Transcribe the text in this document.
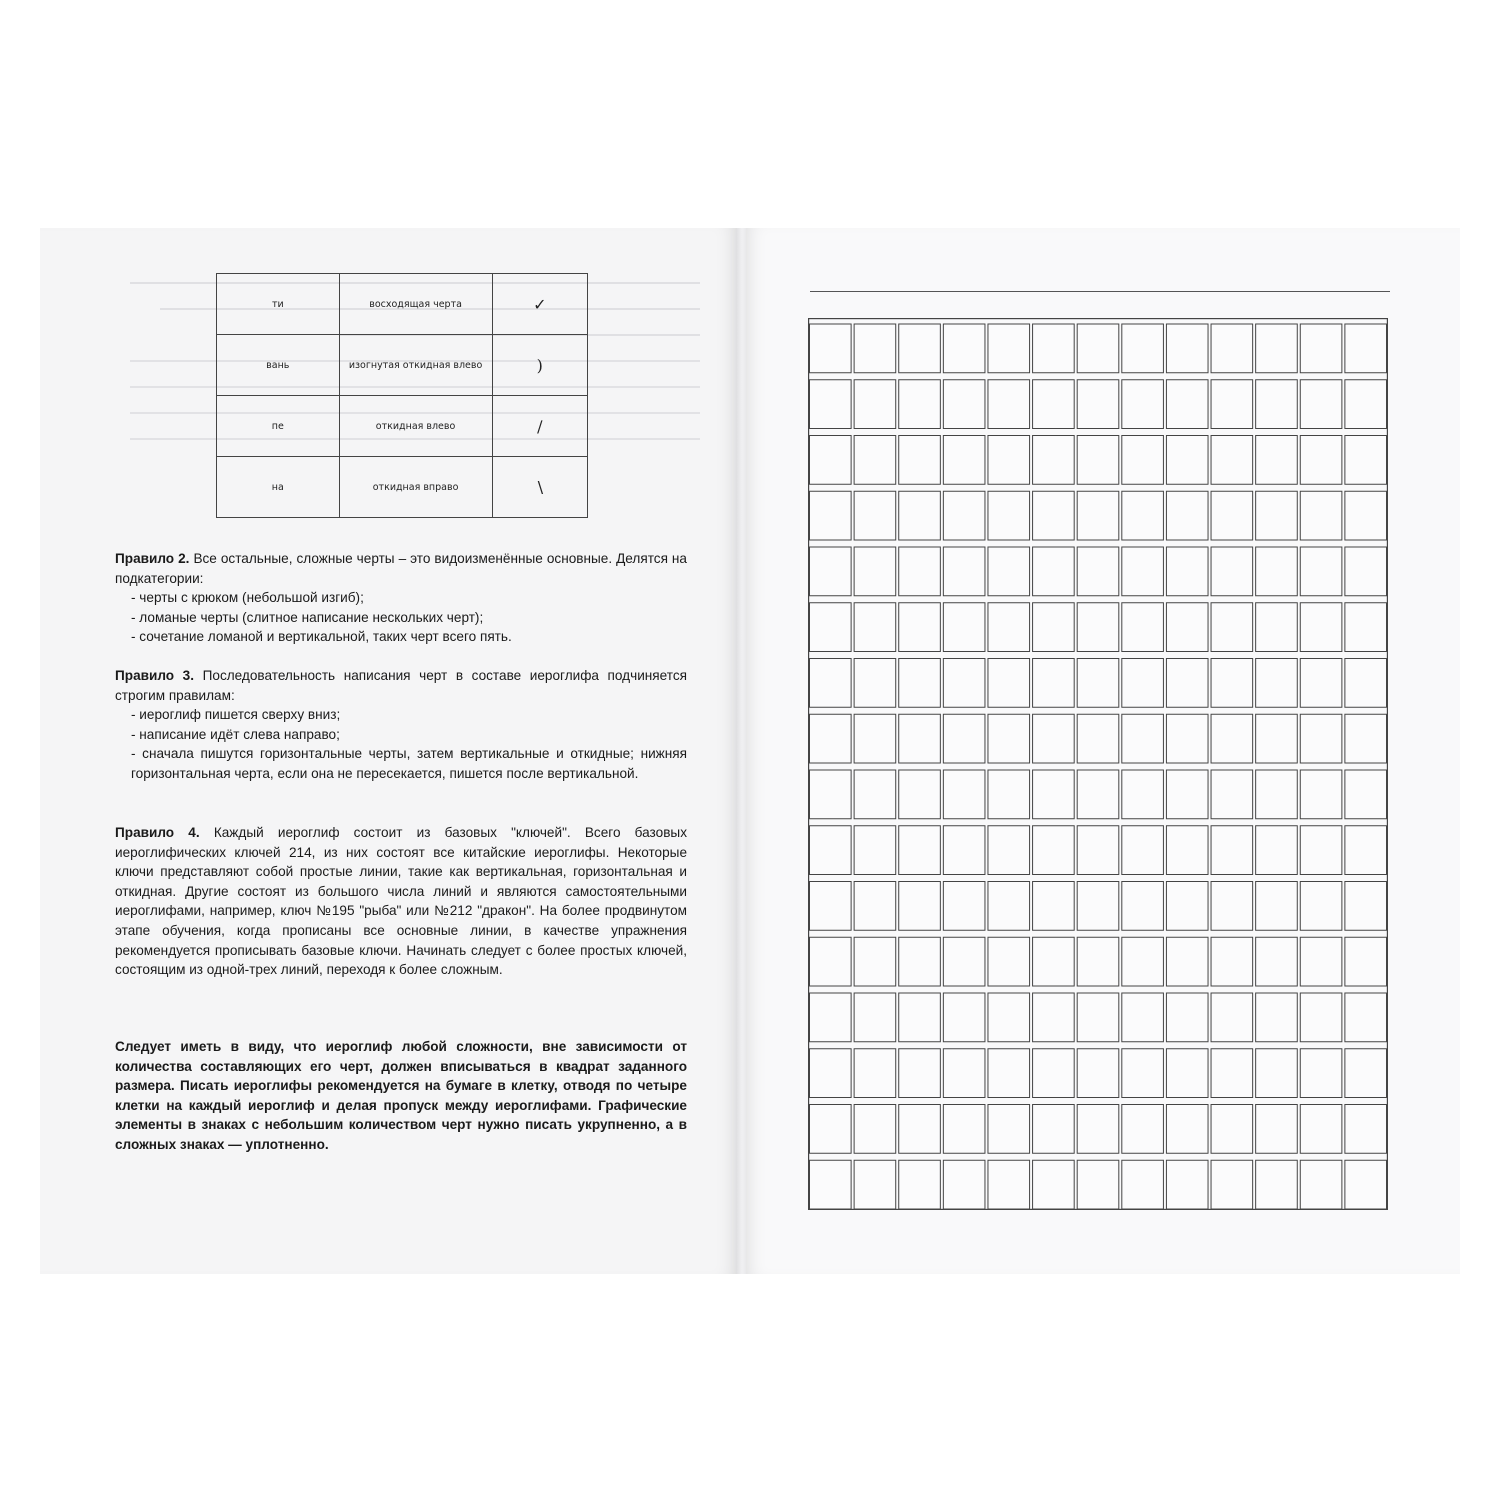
ти	восходящая черта	✓
вань	изогнутая откидная влево	)
пе	откидная влево	∕
на	откидная вправо	∖

Правило 2. Все остальные, сложные черты – это видоизменённые основные. Делятся на подкатегории:

- черты с крюком (небольшой изгиб);

- ломаные черты (слитное написание нескольких черт);

- сочетание ломаной и вертикальной, таких черт всего пять.

Правило 3. Последовательность написания черт в составе иероглифа подчиняется строгим правилам:

- иероглиф пишется сверху вниз;

- написание идёт слева направо;

- сначала пишутся горизонтальные черты, затем вертикальные и откидные; нижняя горизонтальная черта, если она не пересекается, пишется после вертикальной.

Правило 4. Каждый иероглиф состоит из базовых "ключей". Всего базовых иероглифических ключей 214, из них состоят все китайские иероглифы. Некоторые ключи представляют собой простые линии, такие как вертикальная, горизонтальная и откидная. Другие состоят из большого числа линий и являются самостоятельными иероглифами, например, ключ №195 "рыба" или №212 "дракон". На более продвинутом этапе обучения, когда прописаны все основные линии, в качестве упражнения рекомендуется прописывать базовые ключи. Начинать следует с более простых ключей, состоящим из одной-трех линий, переходя к более сложным.

Следует иметь в виду, что иероглиф любой сложности, вне зависимости от количества составляющих его черт, должен вписываться в квадрат заданного размера. Писать иероглифы рекомендуется на бумаге в клетку, отводя по четыре клетки на каждый иероглиф и делая пропуск между иероглифами. Графические элементы в знаках с небольшим количеством черт нужно писать укрупненно, а в сложных знаках — уплотненно.
